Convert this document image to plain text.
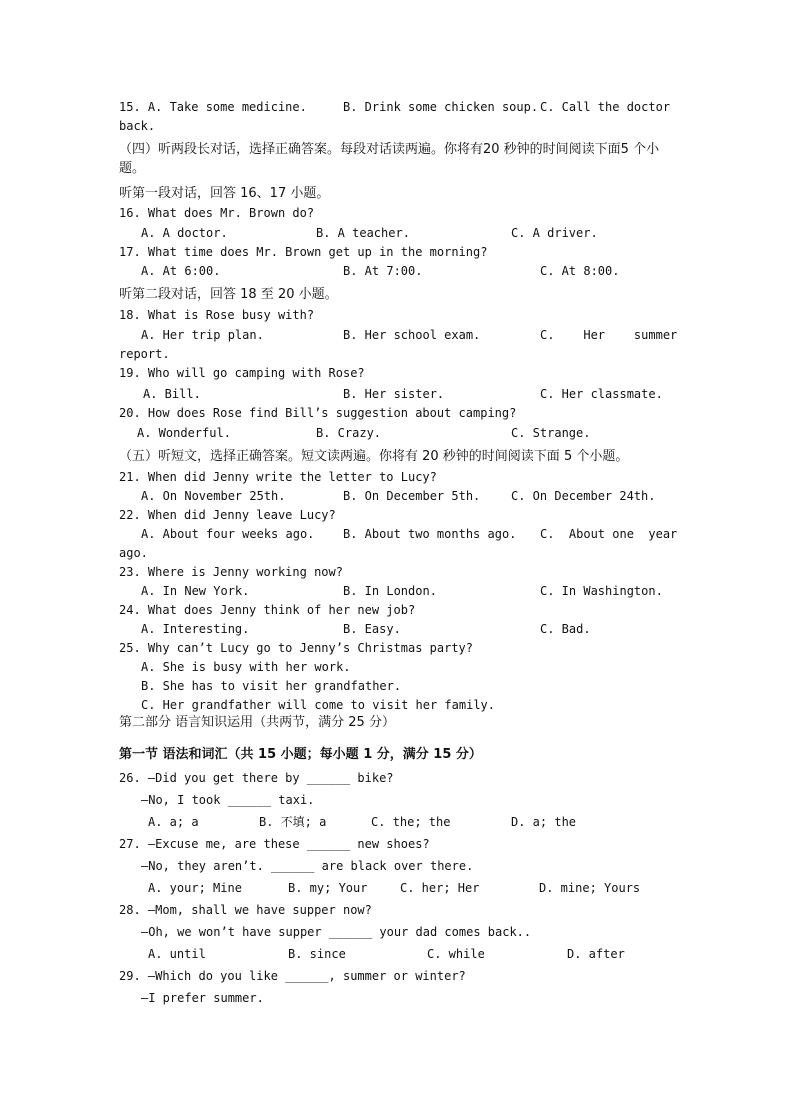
15. A. Take some medicine.	B. Drink some chicken soup. C. Call the doctor
back.
（四）听两段长对话，选择正确答案。每段对话读两遍。你将有20 秒钟的时间阅读下面5 个小
题。
听第一段对话，回答 16、17 小题。
16. What does Mr. Brown do?
A. A doctor.	B. A teacher.	C. A driver.
17. What time does Mr. Brown get up in the morning?
A. At 6:00.	B. At 7:00.	C. At 8:00.
听第二段对话，回答 18 至 20 小题。
18. What is Rose busy with?
A. Her trip plan.	B. Her school exam.	C.    Her    summer
report.
19. Who will go camping with Rose?
A. Bill.	B. Her sister.	C. Her classmate.
20. How does Rose find Bill’s suggestion about camping?
A. Wonderful.	B. Crazy.	C. Strange.
（五）听短文，选择正确答案。短文读两遍。你将有 20 秒钟的时间阅读下面 5 个小题。
21. When did Jenny write the letter to Lucy?
A. On November 25th.	B. On December 5th.	C. On December 24th.
22. When did Jenny leave Lucy?
A. About four weeks ago. B. About two months ago. C.  About one  year
ago.
23. Where is Jenny working now?
A. In New York.	B. In London.	C. In Washington.
24. What does Jenny think of her new job?
A. Interesting.	B. Easy.	C. Bad.
25. Why can’t Lucy go to Jenny’s Christmas party?
A. She is busy with her work.
B. She has to visit her grandfather.
C. Her grandfather will come to visit her family.
第二部分 语言知识运用（共两节，满分 25 分）
第一节 语法和词汇（共 15 小题；每小题 1 分，满分 15 分）
26. —Did you get there by ______ bike?
—No, I took ______ taxi.
A. a; a	B. 不填; a	C. the; the	D. a; the
27. —Excuse me, are these ______ new shoes?
—No, they aren’t. ______ are black over there.
A. your; Mine	B. my; Your	C. her; Her	D. mine; Yours
28. —Mom, shall we have supper now?
—Oh, we won’t have supper ______ your dad comes back..
A. until	B. since	C. while	D. after
29. —Which do you like ______, summer or winter?
—I prefer summer.
